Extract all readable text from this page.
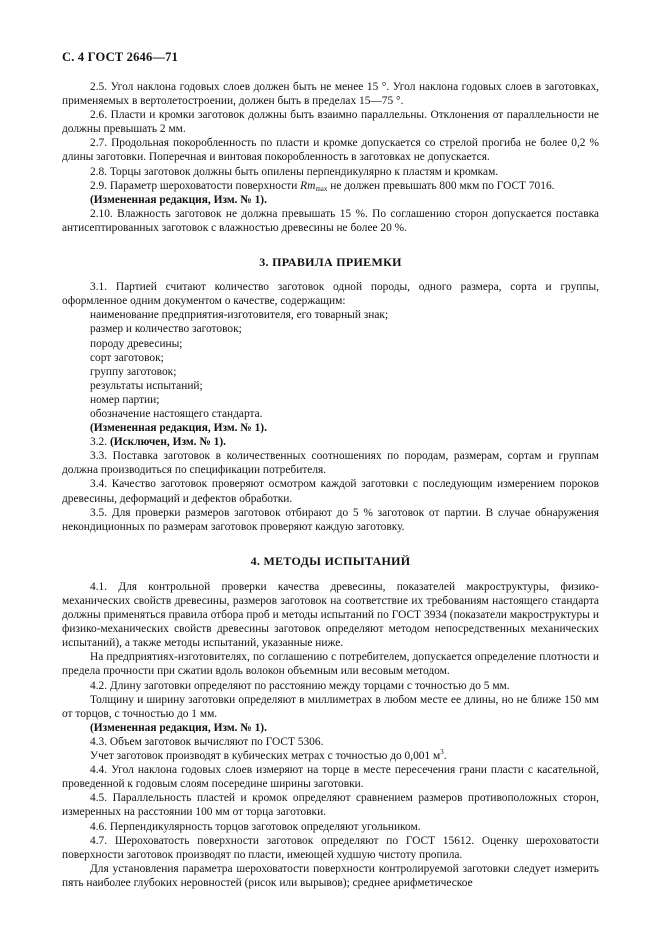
С. 4 ГОСТ 2646—71

2.5. Угол наклона годовых слоев должен быть не менее 15 °. Угол наклона годовых слоев в заготовках, применяемых в вертолетостроении, должен быть в пределах 15—75 °.

2.6. Пласти и кромки заготовок должны быть взаимно параллельны. Отклонения от параллельности не должны превышать 2 мм.

2.7. Продольная покоробленность по пласти и кромке допускается со стрелой прогиба не более 0,2 % длины заготовки. Поперечная и винтовая покоробленность в заготовках не допускается.

2.8. Торцы заготовок должны быть опилены перпендикулярно к пластям и кромкам.

2.9. Параметр шероховатости поверхности $Rm_{max}$ не должен превышать 800 мкм по ГОСТ 7016.

(Измененная редакция, Изм. № 1).

2.10. Влажность заготовок не должна превышать 15 %. По соглашению сторон допускается поставка антисептированных заготовок с влажностью древесины не более 20 %.

3. ПРАВИЛА ПРИЕМКИ

3.1. Партией считают количество заготовок одной породы, одного размера, сорта и группы, оформленное одним документом о качестве, содержащим:

наименование предприятия-изготовителя, его товарный знак;

размер и количество заготовок;

породу древесины;

сорт заготовок;

группу заготовок;

результаты испытаний;

номер партии;

обозначение настоящего стандарта.

(Измененная редакция, Изм. № 1).

3.2. (Исключен, Изм. № 1).

3.3. Поставка заготовок в количественных соотношениях по породам, размерам, сортам и группам должна производиться по спецификации потребителя.

3.4. Качество заготовок проверяют осмотром каждой заготовки с последующим измерением пороков древесины, деформаций и дефектов обработки.

3.5. Для проверки размеров заготовок отбирают до 5 % заготовок от партии. В случае обнаружения некондиционных по размерам заготовок проверяют каждую заготовку.

4. МЕТОДЫ ИСПЫТАНИЙ

4.1. Для контрольной проверки качества древесины, показателей макроструктуры, физико-механических свойств древесины, размеров заготовок на соответствие их требованиям настоящего стандарта должны применяться правила отбора проб и методы испытаний по ГОСТ 3934 (показатели макроструктуры и физико-механических свойств древесины заготовок определяют методом непосредственных механических испытаний), а также методы испытаний, указанные ниже.

На предприятиях-изготовителях, по соглашению с потребителем, допускается определение плотности и предела прочности при сжатии вдоль волокон объемным или весовым методом.

4.2. Длину заготовки определяют по расстоянию между торцами с точностью до 5 мм.

Толщину и ширину заготовки определяют в миллиметрах в любом месте ее длины, но не ближе 150 мм от торцов, с точностью до 1 мм.

(Измененная редакция, Изм. № 1).

4.3. Объем заготовок вычисляют по ГОСТ 5306.

Учет заготовок производят в кубических метрах с точностью до 0,001 $м^3$.

4.4. Угол наклона годовых слоев измеряют на торце в месте пересечения грани пласти с касательной, проведенной к годовым слоям посередине ширины заготовки.

4.5. Параллельность пластей и кромок определяют сравнением размеров противоположных сторон, измеренных на расстоянии 100 мм от торца заготовки.

4.6. Перпендикулярность торцов заготовок определяют угольником.

4.7. Шероховатость поверхности заготовок определяют по ГОСТ 15612. Оценку шероховатости поверхности заготовок производят по пласти, имеющей худшую чистоту пропила.

Для установления параметра шероховатости поверхности контролируемой заготовки следует измерить пять наиболее глубоких неровностей (рисок или вырывов); среднее арифметическое
